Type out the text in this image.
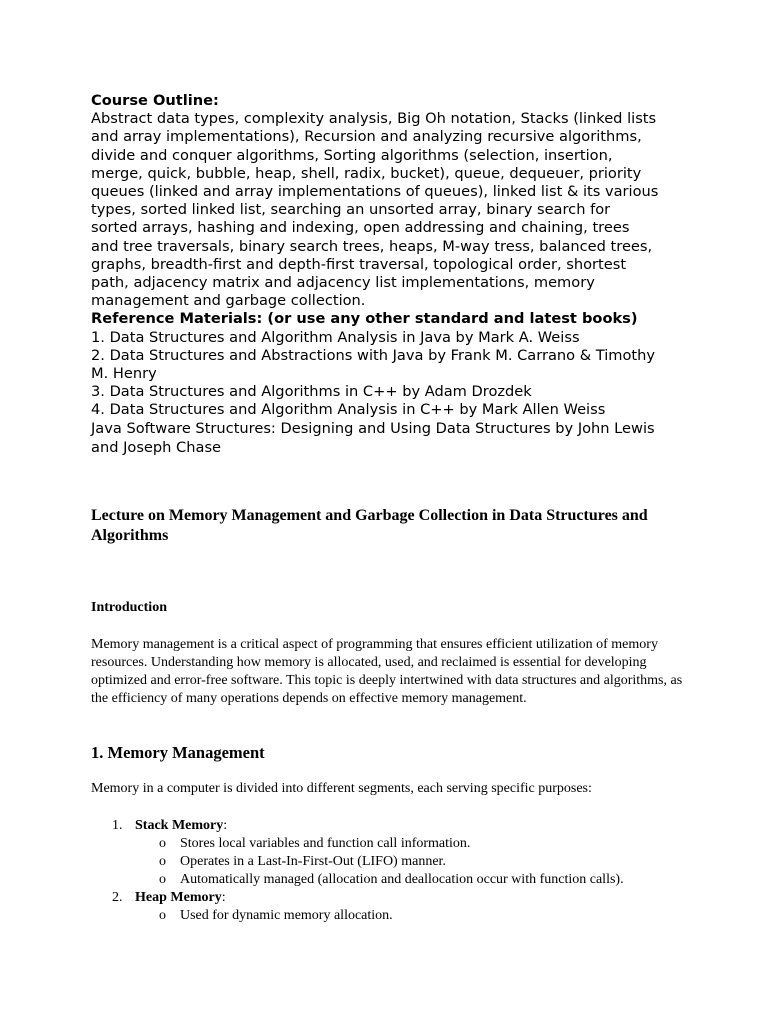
Course Outline:

Abstract data types, complexity analysis, Big Oh notation, Stacks (linked lists

and array implementations), Recursion and analyzing recursive algorithms,

divide and conquer algorithms, Sorting algorithms (selection, insertion,

merge, quick, bubble, heap, shell, radix, bucket), queue, dequeuer, priority

queues (linked and array implementations of queues), linked list & its various

types, sorted linked list, searching an unsorted array, binary search for

sorted arrays, hashing and indexing, open addressing and chaining, trees

and tree traversals, binary search trees, heaps, M-way tress, balanced trees,

graphs, breadth-first and depth-first traversal, topological order, shortest

path, adjacency matrix and adjacency list implementations, memory

management and garbage collection.

Reference Materials: (or use any other standard and latest books)

1. Data Structures and Algorithm Analysis in Java by Mark A. Weiss

2. Data Structures and Abstractions with Java by Frank M. Carrano & Timothy

M. Henry

3. Data Structures and Algorithms in C++ by Adam Drozdek

4. Data Structures and Algorithm Analysis in C++ by Mark Allen Weiss

Java Software Structures: Designing and Using Data Structures by John Lewis

and Joseph Chase

Lecture on Memory Management and Garbage Collection in Data Structures and Algorithms
Introduction

Memory management is a critical aspect of programming that ensures efficient utilization of memory resources. Understanding how memory is allocated, used, and reclaimed is essential for developing optimized and error-free software. This topic is deeply intertwined with data structures and algorithms, as the efficiency of many operations depends on effective memory management.

1. Memory Management

Memory in a computer is divided into different segments, each serving specific purposes:

1. Stack Memory:
o Stores local variables and function call information.
o Operates in a Last-In-First-Out (LIFO) manner.
o Automatically managed (allocation and deallocation occur with function calls).
2. Heap Memory:
o Used for dynamic memory allocation.
